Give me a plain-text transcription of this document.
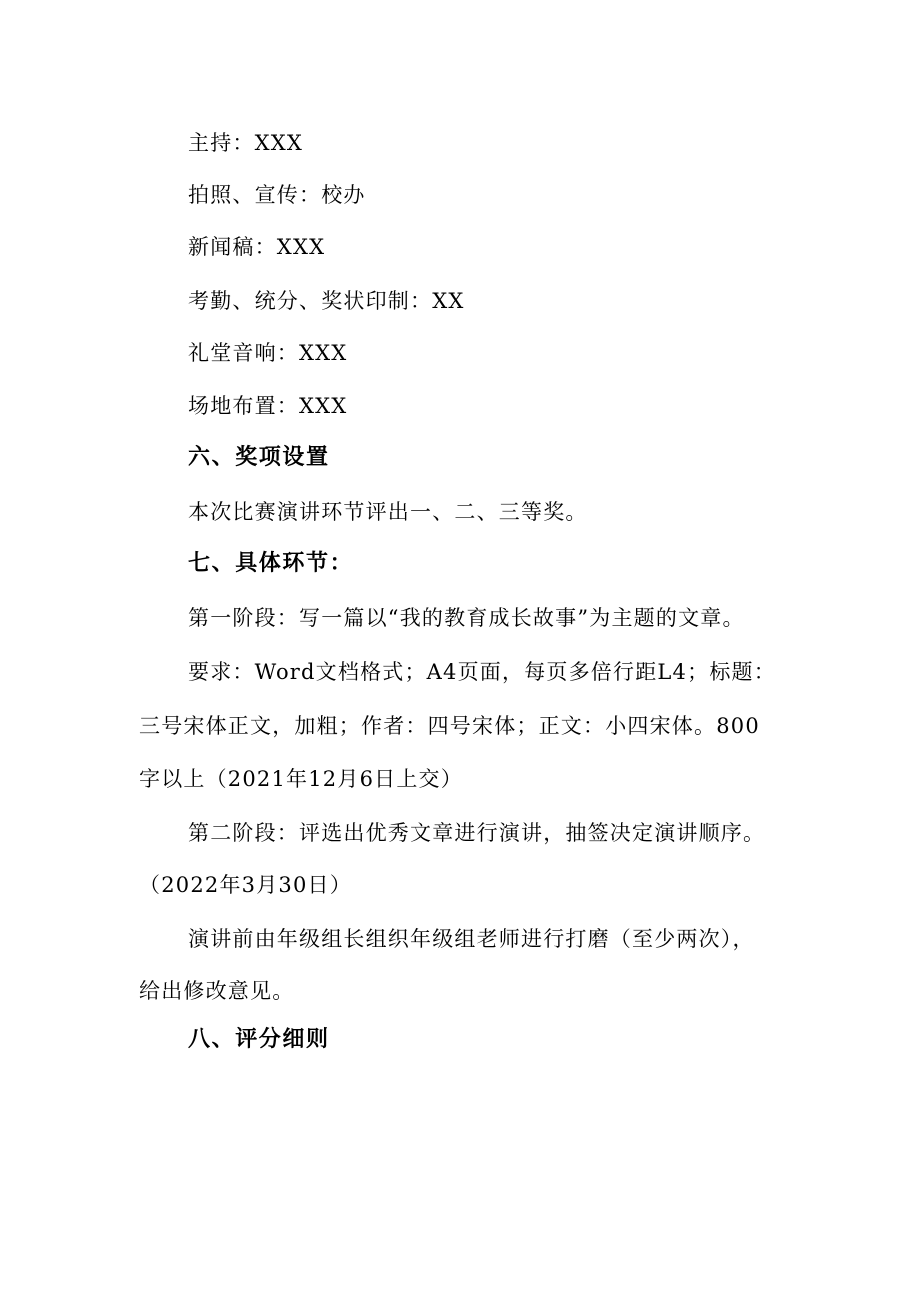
主持：XXX
拍照、宣传：校办
新闻稿：XXX
考勤、统分、奖状印制：XX
礼堂音响：XXX
场地布置：XXX
六、奖项设置
本次比赛演讲环节评出一、二、三等奖。
七、具体环节：
第一阶段：写一篇以“我的教育成长故事”为主题的文章。
要求：Word文档格式；A4页面，每页多倍行距L4；标题：
三号宋体正文，加粗；作者：四号宋体；正文：小四宋体。800
字以上（2021年12月6日上交）
第二阶段：评选出优秀文章进行演讲，抽签决定演讲顺序。
（2022年3月30日）
演讲前由年级组长组织年级组老师进行打磨（至少两次），
给出修改意见。
八、评分细则
